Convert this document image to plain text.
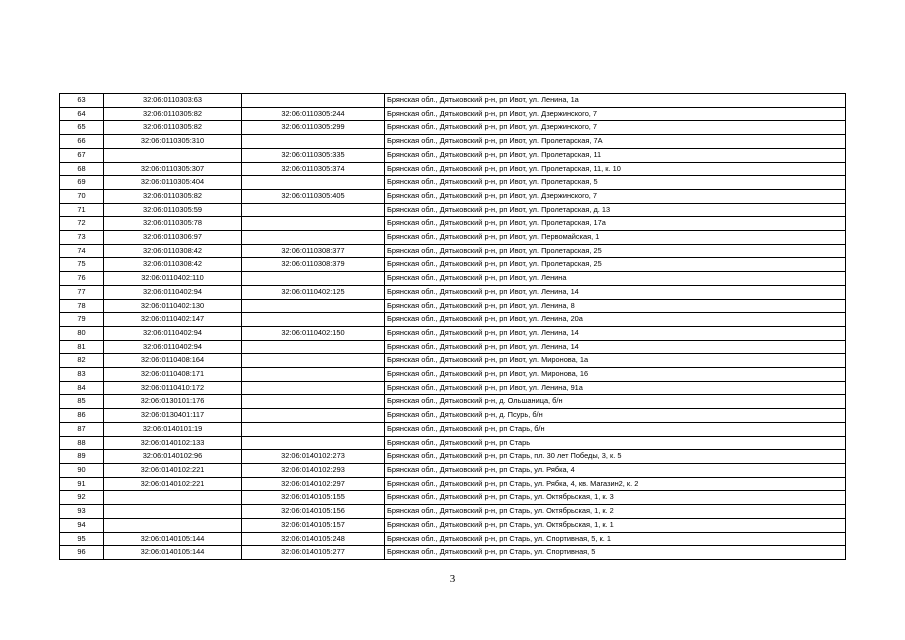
63	32:06:0110303:63		Брянская обл., Дятьковский р-н, рп Ивот, ул. Ленина, 1а
64	32:06:0110305:82	32:06:0110305:244	Брянская обл., Дятьковский р-н, рп Ивот, ул. Дзержинского, 7
65	32:06:0110305:82	32:06:0110305:299	Брянская обл., Дятьковский р-н, рп Ивот, ул. Дзержинского, 7
66	32:06:0110305:310		Брянская обл., Дятьковский р-н, рп Ивот, ул. Пролетарская, 7А
67		32:06:0110305:335	Брянская обл., Дятьковский р-н, рп Ивот, ул. Пролетарская, 11
68	32:06:0110305:307	32:06:0110305:374	Брянская обл., Дятьковский р-н, рп Ивот, ул. Пролетарская, 11, к. 10
69	32:06:0110305:404		Брянская обл., Дятьковский р-н, рп Ивот, ул. Пролетарская, 5
70	32:06:0110305:82	32:06:0110305:405	Брянская обл., Дятьковский р-н, рп Ивот, ул. Дзержинского, 7
71	32:06:0110305:59		Брянская обл., Дятьковский р-н, рп Ивот, ул. Пролетарская, д. 13
72	32:06:0110305:78		Брянская обл., Дятьковский р-н, рп Ивот, ул. Пролетарская, 17а
73	32:06:0110306:97		Брянская обл., Дятьковский р-н, рп Ивот, ул. Первомайская, 1
74	32:06:0110308:42	32:06:0110308:377	Брянская обл., Дятьковский р-н, рп Ивот, ул. Пролетарская, 25
75	32:06:0110308:42	32:06:0110308:379	Брянская обл., Дятьковский р-н, рп Ивот, ул. Пролетарская, 25
76	32:06:0110402:110		Брянская обл., Дятьковский р-н, рп Ивот, ул. Ленина
77	32:06:0110402:94	32:06:0110402:125	Брянская обл., Дятьковский р-н, рп Ивот, ул. Ленина, 14
78	32:06:0110402:130		Брянская обл., Дятьковский р-н, рп Ивот, ул. Ленина, 8
79	32:06:0110402:147		Брянская обл., Дятьковский р-н, рп Ивот, ул. Ленина, 20а
80	32:06:0110402:94	32:06:0110402:150	Брянская обл., Дятьковский р-н, рп Ивот, ул. Ленина, 14
81	32:06:0110402:94		Брянская обл., Дятьковский р-н, рп Ивот, ул. Ленина, 14
82	32:06:0110408:164		Брянская обл., Дятьковский р-н, рп Ивот, ул. Миронова, 1а
83	32:06:0110408:171		Брянская обл., Дятьковский р-н, рп Ивот, ул. Миронова, 16
84	32:06:0110410:172		Брянская обл., Дятьковский р-н, рп Ивот, ул. Ленина, 91а
85	32:06:0130101:176		Брянская обл., Дятьковский р-н, д. Ольшаница, б/н
86	32:06:0130401:117		Брянская обл., Дятьковский р-н, д. Псурь, б/н
87	32:06:0140101:19		Брянская обл., Дятьковский р-н, рп Старь, б/н
88	32:06:0140102:133		Брянская обл., Дятьковский р-н, рп Старь
89	32:06:0140102:96	32:06:0140102:273	Брянская обл., Дятьковский р-н, рп Старь, пл. 30 лет Победы, 3, к. 5
90	32:06:0140102:221	32:06:0140102:293	Брянская обл., Дятьковский р-н, рп Старь, ул. Рябка, 4
91	32:06:0140102:221	32:06:0140102:297	Брянская обл., Дятьковский р-н, рп Старь, ул. Рябка, 4, кв. Магазин2, к. 2
92		32:06:0140105:155	Брянская обл., Дятьковский р-н, рп Старь, ул. Октябрьская, 1, к. 3
93		32:06:0140105:156	Брянская обл., Дятьковский р-н, рп Старь, ул. Октябрьская, 1, к. 2
94		32:06:0140105:157	Брянская обл., Дятьковский р-н, рп Старь, ул. Октябрьская, 1, к. 1
95	32:06:0140105:144	32:06:0140105:248	Брянская обл., Дятьковский р-н, рп Старь, ул. Спортивная, 5, к. 1
96	32:06:0140105:144	32:06:0140105:277	Брянская обл., Дятьковский р-н, рп Старь, ул. Спортивная, 5
3
